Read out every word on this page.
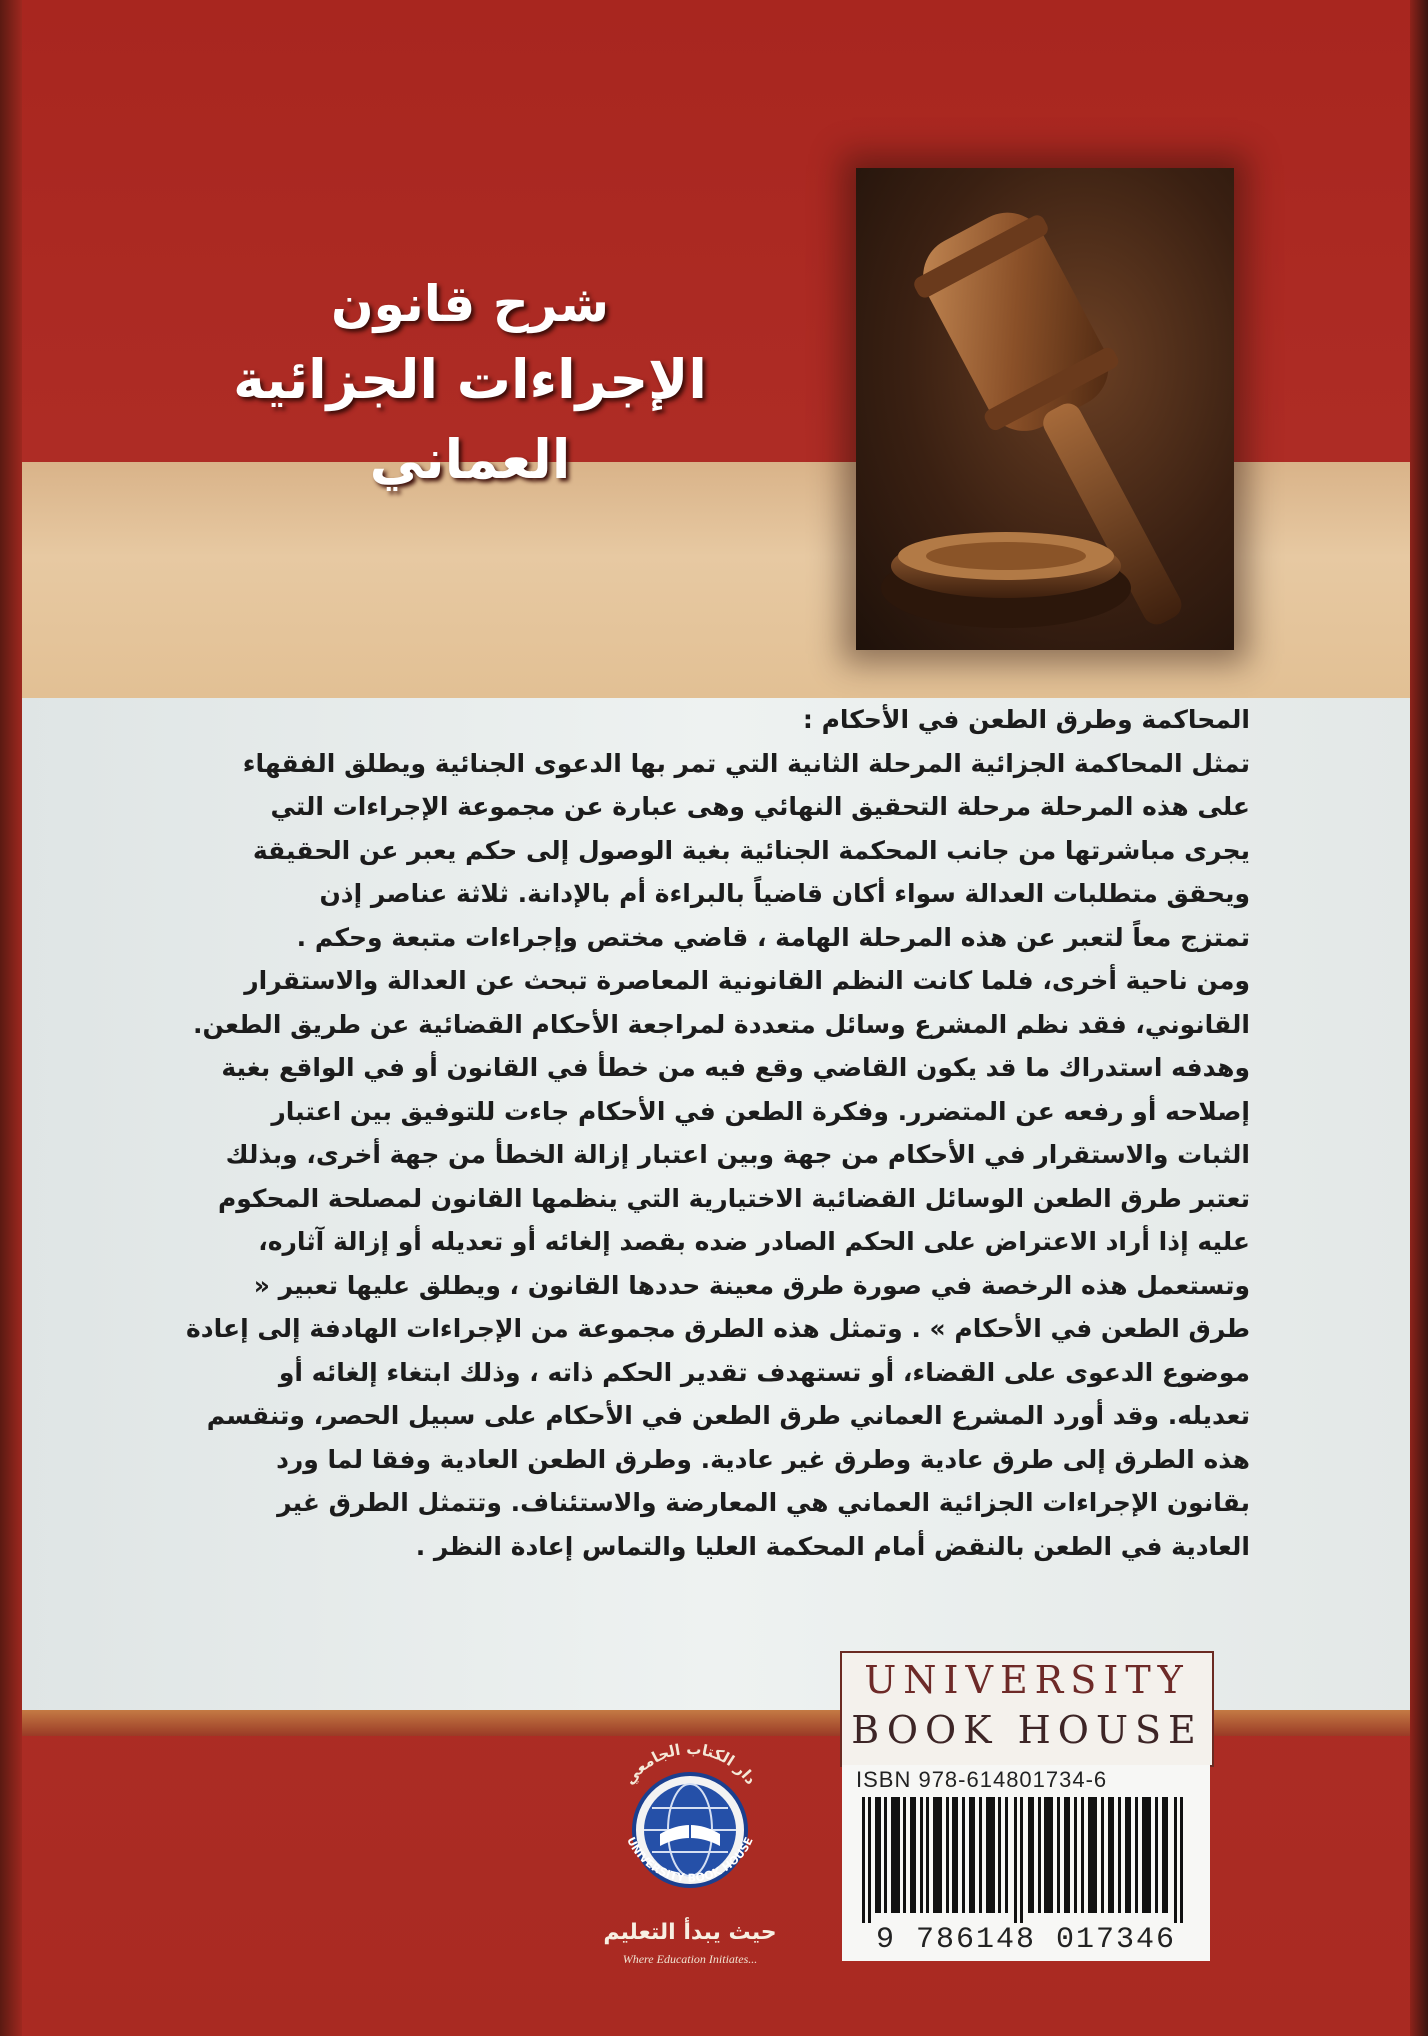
شرح قانون
الإجراءات الجزائية العماني
المحاكمة وطرق الطعن في الأحكام :
تمثل المحاكمة الجزائية المرحلة الثانية التي تمر بها الدعوى الجنائية ويطلق الفقهاء
على هذه المرحلة مرحلة التحقيق النهائي وهى عبارة عن مجموعة الإجراءات التي
يجرى مباشرتها من جانب المحكمة الجنائية بغية الوصول إلى حكم يعبر عن الحقيقة
ويحقق متطلبات العدالة سواء أكان قاضياً بالبراءة أم بالإدانة. ثلاثة عناصر إذن
تمتزج معاً لتعبر عن هذه المرحلة الهامة ، قاضي مختص وإجراءات متبعة وحكم .
ومن ناحية أخرى، فلما كانت النظم القانونية المعاصرة تبحث عن العدالة والاستقرار
القانوني، فقد نظم المشرع وسائل متعددة لمراجعة الأحكام القضائية عن طريق الطعن.
وهدفه استدراك ما قد يكون القاضي وقع فيه من خطأ في القانون أو في الواقع بغية
إصلاحه أو رفعه عن المتضرر. وفكرة الطعن في الأحكام جاءت للتوفيق بين اعتبار
الثبات والاستقرار في الأحكام من جهة وبين اعتبار إزالة الخطأ من جهة أخرى، وبذلك
تعتبر طرق الطعن الوسائل القضائية الاختيارية التي ينظمها القانون لمصلحة المحكوم
عليه إذا أراد الاعتراض على الحكم الصادر ضده بقصد إلغائه أو تعديله أو إزالة آثاره،
وتستعمل هذه الرخصة في صورة طرق معينة حددها القانون ، ويطلق عليها تعبير «
طرق الطعن في الأحكام » . وتمثل هذه الطرق مجموعة من الإجراءات الهادفة إلى إعادة
موضوع الدعوى على القضاء، أو تستهدف تقدير الحكم ذاته ، وذلك ابتغاء إلغائه أو
تعديله. وقد أورد المشرع العماني طرق الطعن في الأحكام على سبيل الحصر، وتنقسم
هذه الطرق إلى طرق عادية وطرق غير عادية. وطرق الطعن العادية وفقا لما ورد
بقانون الإجراءات الجزائية العماني هي المعارضة والاستئناف. وتتمثل الطرق غير
العادية في الطعن بالنقض أمام المحكمة العليا والتماس إعادة النظر .
UNIVERSITY
BOOK HOUSE
ISBN 978-614801734-6
9 786148 017346
دار الكتاب الجامعي
UNIVERSITY BOOK HOUSE
حيث يبدأ التعليم
Where Education Initiates...
